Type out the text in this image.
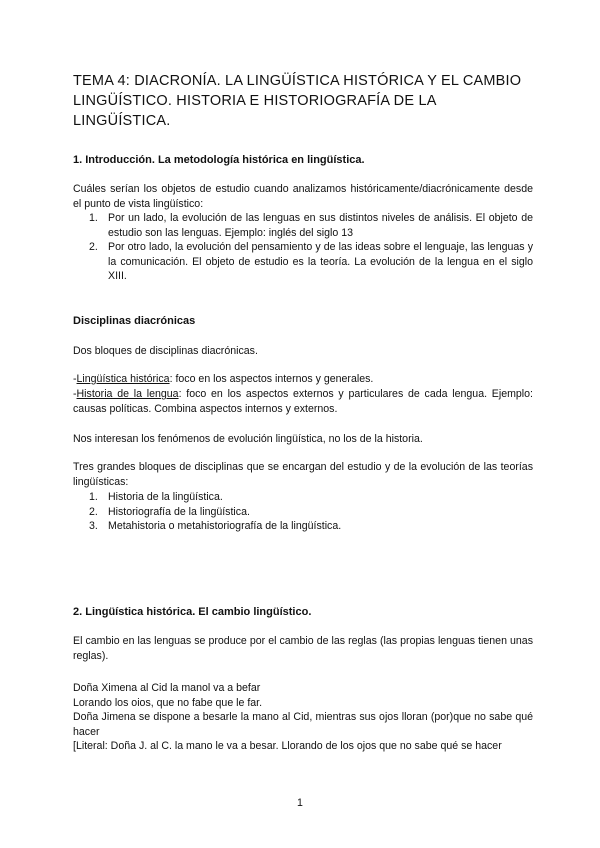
TEMA 4: DIACRONÍA. LA LINGÜÍSTICA HISTÓRICA Y EL CAMBIO LINGÜÍSTICO. HISTORIA E HISTORIOGRAFÍA DE LA LINGÜÍSTICA.
1. Introducción. La metodología histórica en lingüística.
Cuáles serían los objetos de estudio cuando analizamos históricamente/diacrónicamente desde el punto de vista lingüístico:
1. Por un lado, la evolución de las lenguas en sus distintos niveles de análisis. El objeto de estudio son las lenguas. Ejemplo: inglés del siglo 13
2. Por otro lado, la evolución del pensamiento y de las ideas sobre el lenguaje, las lenguas y la comunicación. El objeto de estudio es la teoría. La evolución de la lengua en el siglo XIII.
Disciplinas diacrónicas
Dos bloques de disciplinas diacrónicas.
-Lingüística histórica: foco en los aspectos internos y generales.
-Historia de la lengua: foco en los aspectos externos y particulares de cada lengua. Ejemplo: causas políticas. Combina aspectos internos y externos.
Nos interesan los fenómenos de evolución lingüística, no los de la historia.
Tres grandes bloques de disciplinas que se encargan del estudio y de la evolución de las teorías lingüísticas:
1. Historia de la lingüística.
2. Historiografía de la lingüística.
3. Metahistoria o metahistoriografía de la lingüística.
2. Lingüística histórica. El cambio lingüístico.
El cambio en las lenguas se produce por el cambio de las reglas (las propias lenguas tienen unas reglas).
Doña Ximena al Cid la manol va a befar
Lorando los oios, que no fabe que le far.
Doña Jimena se dispone a besarle la mano al Cid, mientras sus ojos lloran (por)que no sabe qué hacer
[Literal: Doña J. al C. la mano le va a besar. Llorando de los ojos que no sabe qué se hacer
1
